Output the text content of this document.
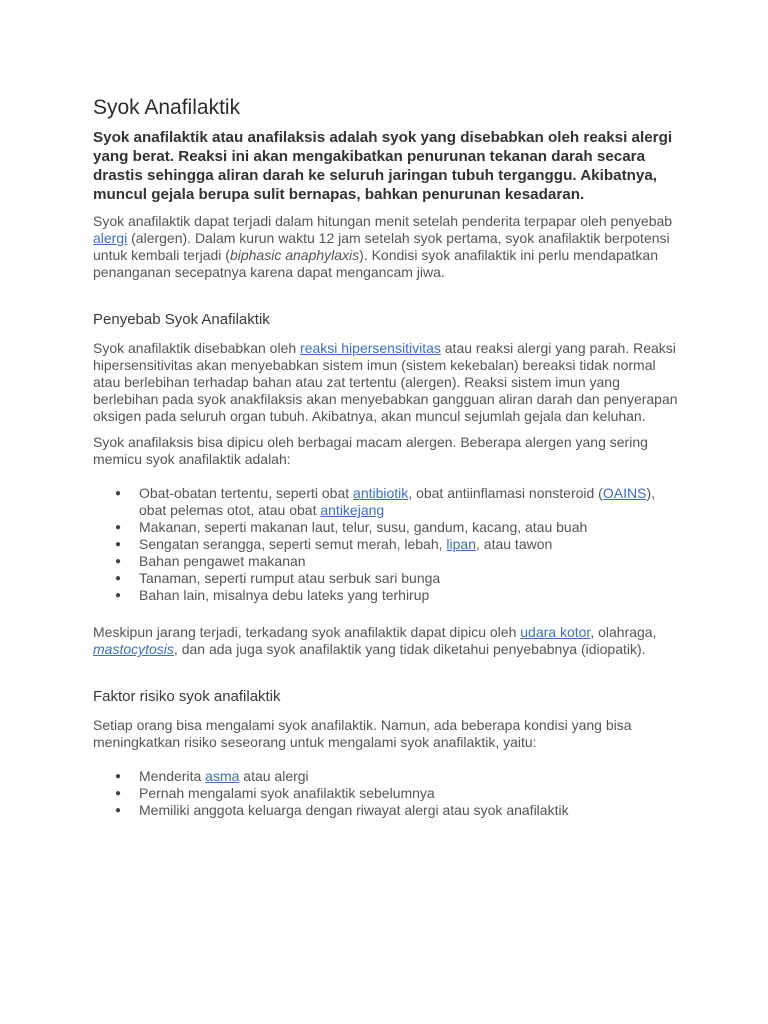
Syok Anafilaktik

Syok anafilaktik atau anafilaksis adalah syok yang disebabkan oleh reaksi alergi yang berat. Reaksi ini akan mengakibatkan penurunan tekanan darah secara drastis sehingga aliran darah ke seluruh jaringan tubuh terganggu. Akibatnya, muncul gejala berupa sulit bernapas, bahkan penurunan kesadaran.

Syok anafilaktik dapat terjadi dalam hitungan menit setelah penderita terpapar oleh penyebab alergi (alergen). Dalam kurun waktu 12 jam setelah syok pertama, syok anafilaktik berpotensi untuk kembali terjadi (biphasic anaphylaxis). Kondisi syok anafilaktik ini perlu mendapatkan penanganan secepatnya karena dapat mengancam jiwa.

Penyebab Syok Anafilaktik

Syok anafilaktik disebabkan oleh reaksi hipersensitivitas atau reaksi alergi yang parah. Reaksi hipersensitivitas akan menyebabkan sistem imun (sistem kekebalan) bereaksi tidak normal atau berlebihan terhadap bahan atau zat tertentu (alergen). Reaksi sistem imun yang berlebihan pada syok anakfilaksis akan menyebabkan gangguan aliran darah dan penyerapan oksigen pada seluruh organ tubuh. Akibatnya, akan muncul sejumlah gejala dan keluhan.

Syok anafilaksis bisa dipicu oleh berbagai macam alergen. Beberapa alergen yang sering memicu syok anafilaktik adalah:

● Obat-obatan tertentu, seperti obat antibiotik, obat antiinflamasi nonsteroid (OAINS), obat pelemas otot, atau obat antikejang
● Makanan, seperti makanan laut, telur, susu, gandum, kacang, atau buah
● Sengatan serangga, seperti semut merah, lebah, lipan, atau tawon
● Bahan pengawet makanan
● Tanaman, seperti rumput atau serbuk sari bunga
● Bahan lain, misalnya debu lateks yang terhirup

Meskipun jarang terjadi, terkadang syok anafilaktik dapat dipicu oleh udara kotor, olahraga, mastocytosis, dan ada juga syok anafilaktik yang tidak diketahui penyebabnya (idiopatik).

Faktor risiko syok anafilaktik

Setiap orang bisa mengalami syok anafilaktik. Namun, ada beberapa kondisi yang bisa meningkatkan risiko seseorang untuk mengalami syok anafilaktik, yaitu:

● Menderita asma atau alergi
● Pernah mengalami syok anafilaktik sebelumnya
● Memiliki anggota keluarga dengan riwayat alergi atau syok anafilaktik
